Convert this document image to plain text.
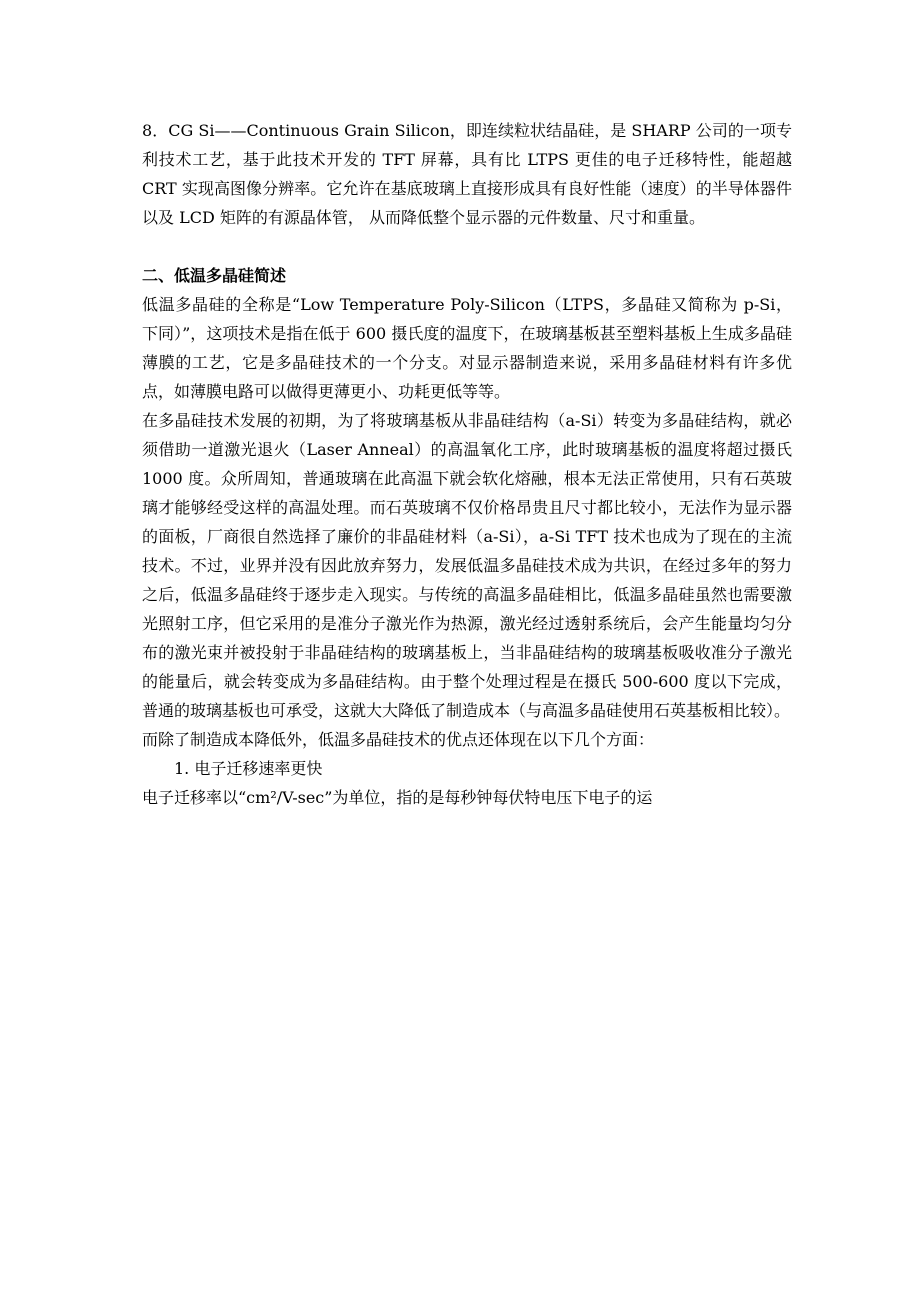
8．CG Si——Continuous Grain Silicon，即连续粒状结晶硅，是 SHARP 公司的一项专利技术工艺，基于此技术开发的 TFT 屏幕，具有比 LTPS 更佳的电子迁移特性，能超越 CRT 实现高图像分辨率。它允许在基底玻璃上直接形成具有良好性能（速度）的半导体器件以及 LCD 矩阵的有源晶体管， 从而降低整个显示器的元件数量、尺寸和重量。

二、低温多晶硅简述

低温多晶硅的全称是“Low Temperature Poly-Silicon（LTPS，多晶硅又简称为 p-Si，下同）”，这项技术是指在低于 600 摄氏度的温度下，在玻璃基板甚至塑料基板上生成多晶硅薄膜的工艺，它是多晶硅技术的一个分支。对显示器制造来说，采用多晶硅材料有许多优点，如薄膜电路可以做得更薄更小、功耗更低等等。

在多晶硅技术发展的初期，为了将玻璃基板从非晶硅结构（a-Si）转变为多晶硅结构，就必须借助一道激光退火（Laser Anneal）的高温氧化工序，此时玻璃基板的温度将超过摄氏 1000 度。众所周知，普通玻璃在此高温下就会软化熔融，根本无法正常使用，只有石英玻璃才能够经受这样的高温处理。而石英玻璃不仅价格昂贵且尺寸都比较小，无法作为显示器的面板，厂商很自然选择了廉价的非晶硅材料（a-Si），a-Si TFT 技术也成为了现在的主流技术。不过，业界并没有因此放弃努力，发展低温多晶硅技术成为共识，在经过多年的努力之后，低温多晶硅终于逐步走入现实。与传统的高温多晶硅相比，低温多晶硅虽然也需要激光照射工序，但它采用的是准分子激光作为热源，激光经过透射系统后，会产生能量均匀分布的激光束并被投射于非晶硅结构的玻璃基板上，当非晶硅结构的玻璃基板吸收准分子激光的能量后，就会转变成为多晶硅结构。由于整个处理过程是在摄氏 500-600 度以下完成，普通的玻璃基板也可承受，这就大大降低了制造成本（与高温多晶硅使用石英基板相比较）。

而除了制造成本降低外，低温多晶硅技术的优点还体现在以下几个方面：

1. 电子迁移速率更快

电子迁移率以“cm²/V-sec”为单位，指的是每秒钟每伏特电压下电子的运
